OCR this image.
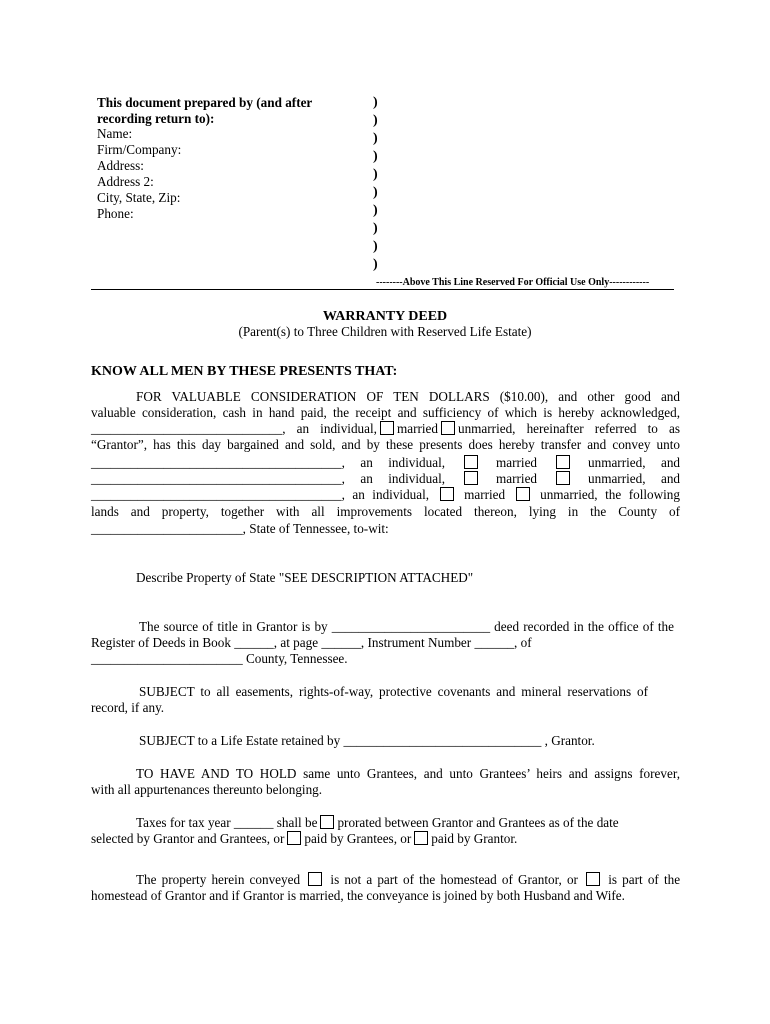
This document prepared by (and after recording return to):
Name:
Firm/Company:
Address:
Address 2:
City, State, Zip:
Phone:
)
)
)
)
)
)
)
)
)
)
--------Above This Line Reserved For Official Use Only------------
WARRANTY DEED
(Parent(s) to Three Children with Reserved Life Estate)
KNOW ALL MEN BY THESE PRESENTS THAT:
FOR VALUABLE CONSIDERATION OF TEN DOLLARS ($10.00), and other good and
valuable consideration, cash in hand paid, the receipt and sufficiency of which is hereby acknowledged,
_____________________________, an individual, married unmarried, hereinafter referred to as
“Grantor”, has this day bargained and sold, and by these presents does hereby transfer and convey unto
______________________________________, an individual,	married	unmarried, and
______________________________________, an individual,	married	unmarried, and
______________________________________, an individual,	married	unmarried, the following
lands and property, together with all improvements located thereon, lying in the County of
_______________________, State of Tennessee, to-wit:
Describe Property of State "SEE DESCRIPTION ATTACHED"
The source of title in Grantor is by ________________________ deed recorded in the office of the
Register of Deeds in Book ______, at page ______, Instrument Number ______, of
_______________________ County, Tennessee.
SUBJECT to all easements, rights-of-way, protective covenants and mineral reservations of
record, if any.
SUBJECT to a Life Estate retained by ______________________________ , Grantor.
TO HAVE AND TO HOLD same unto Grantees, and unto Grantees’ heirs and assigns forever,
with all appurtenances thereunto belonging.
Taxes for tax year ______ shall be prorated between Grantor and Grantees as of the date
selected by Grantor and Grantees, or paid by Grantees, or paid by Grantor.
The property herein conveyed is not a part of the homestead of Grantor, or is part of the
homestead of Grantor and if Grantor is married, the conveyance is joined by both Husband and Wife.
